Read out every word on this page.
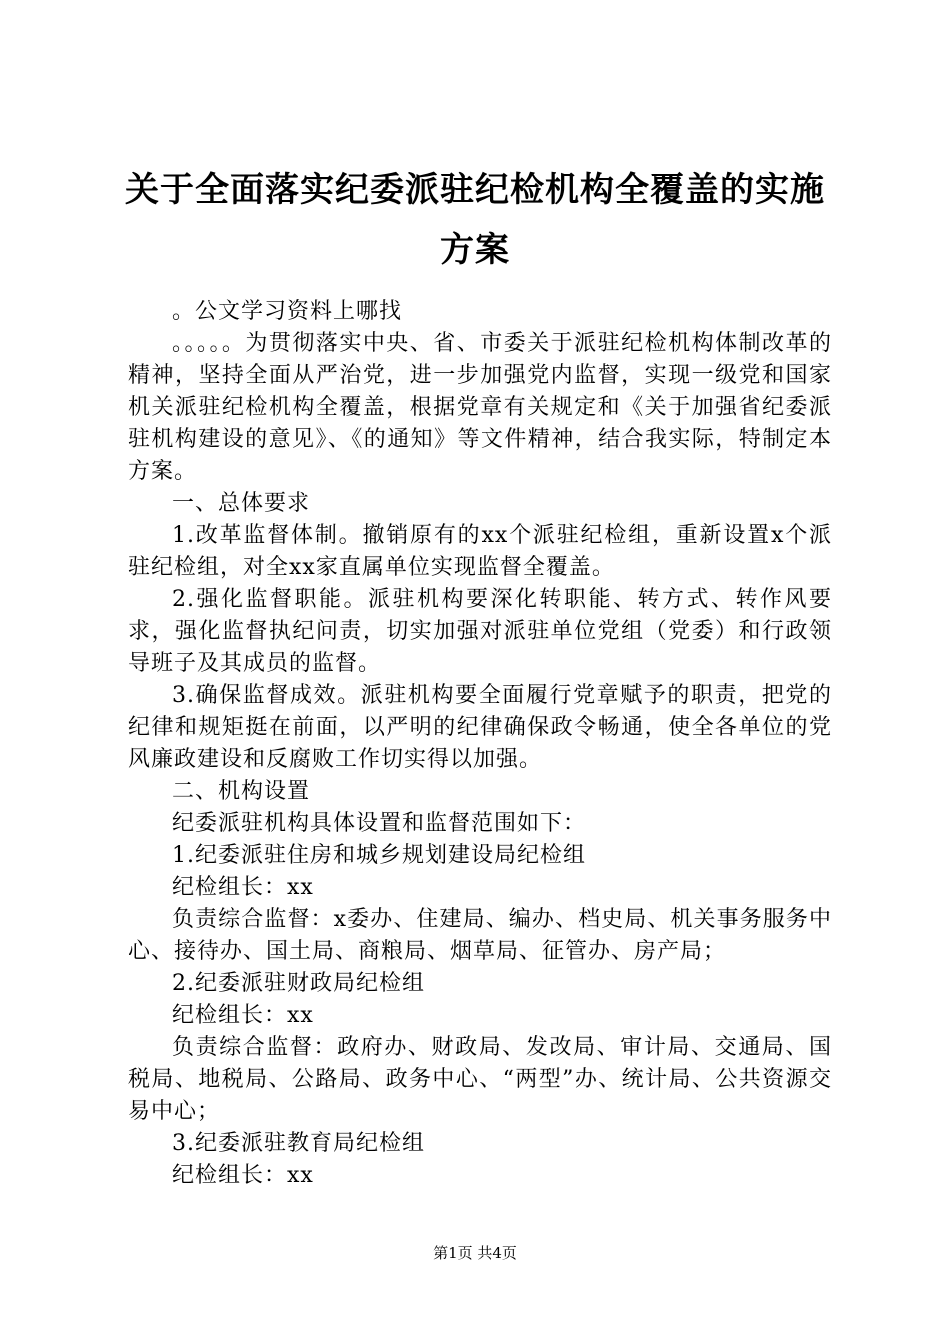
关于全面落实纪委派驻纪检机构全覆盖的实施方案

。公文学习资料上哪找

。。。。。为贯彻落实中央、省、市委关于派驻纪检机构体制改革的精神，坚持全面从严治党，进一步加强党内监督，实现一级党和国家机关派驻纪检机构全覆盖，根据党章有关规定和《关于加强省纪委派驻机构建设的意见》、《的通知》等文件精神，结合我实际，特制定本方案。

一、总体要求

1.改革监督体制。撤销原有的xx个派驻纪检组，重新设置x个派驻纪检组，对全xx家直属单位实现监督全覆盖。

2.强化监督职能。派驻机构要深化转职能、转方式、转作风要求，强化监督执纪问责，切实加强对派驻单位党组（党委）和行政领导班子及其成员的监督。

3.确保监督成效。派驻机构要全面履行党章赋予的职责，把党的纪律和规矩挺在前面，以严明的纪律确保政令畅通，使全各单位的党风廉政建设和反腐败工作切实得以加强。

二、机构设置

纪委派驻机构具体设置和监督范围如下：

1.纪委派驻住房和城乡规划建设局纪检组

纪检组长：xx

负责综合监督：x委办、住建局、编办、档史局、机关事务服务中心、接待办、国土局、商粮局、烟草局、征管办、房产局；

2.纪委派驻财政局纪检组

纪检组长：xx

负责综合监督：政府办、财政局、发改局、审计局、交通局、国税局、地税局、公路局、政务中心、“两型”办、统计局、公共资源交易中心；

3.纪委派驻教育局纪检组

纪检组长：xx

第1页 共4页
